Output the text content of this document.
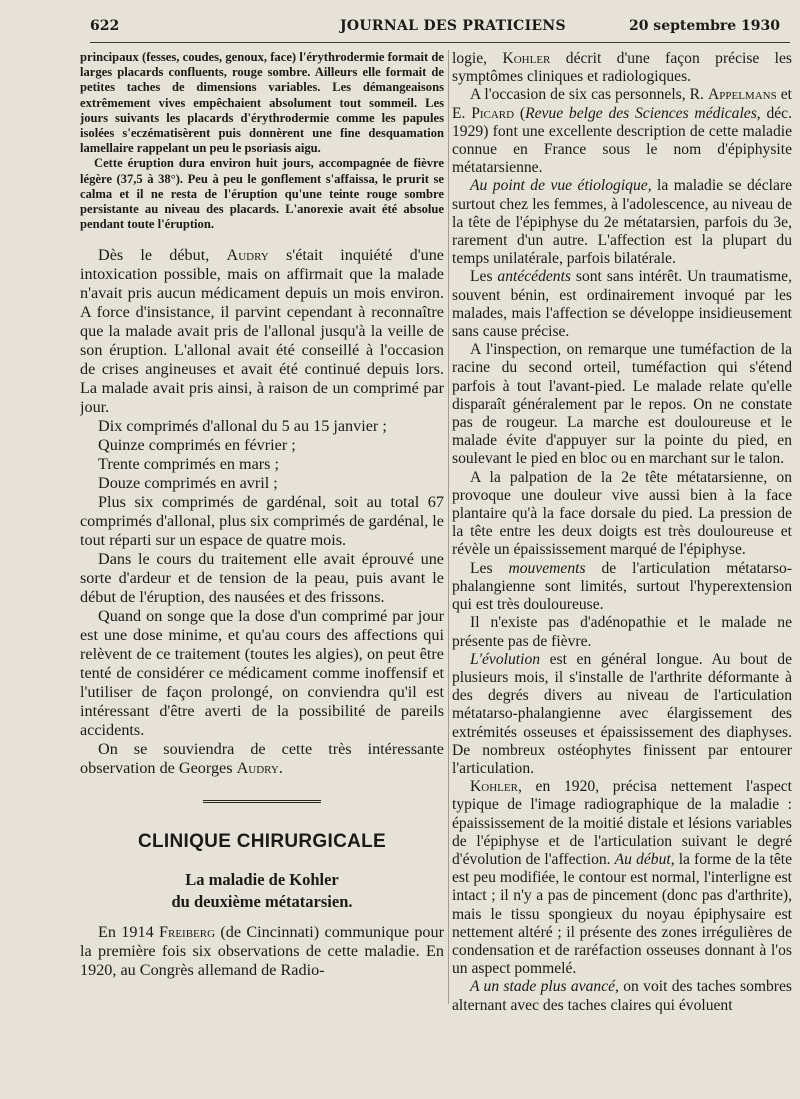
622	JOURNAL DES PRATICIENS	20 septembre 1930

principaux (fesses, coudes, genoux, face) l'érythrodermie formait de larges placards confluents, rouge sombre. Ailleurs elle formait de petites taches de dimensions variables. Les démangeaisons extrêmement vives empêchaient absolument tout sommeil. Les jours suivants les placards d'érythrodermie comme les papules isolées s'eczématisèrent puis donnèrent une fine desquamation lamellaire rappelant un peu le psoriasis aigu.

Cette éruption dura environ huit jours, accompagnée de fièvre légère (37,5 à 38°). Peu à peu le gonflement s'affaissa, le prurit se calma et il ne resta de l'éruption qu'une teinte rouge sombre persistante au niveau des placards. L'anorexie avait été absolue pendant toute l'éruption.

Dès le début, Audry s'était inquiété d'une intoxication possible, mais on affirmait que la malade n'avait pris aucun médicament depuis un mois environ. A force d'insistance, il parvint cependant à reconnaître que la malade avait pris de l'allonal jusqu'à la veille de son éruption. L'allonal avait été conseillé à l'occasion de crises angineuses et avait été continué depuis lors. La malade avait pris ainsi, à raison de un comprimé par jour.

Dix comprimés d'allonal du 5 au 15 janvier ;

Quinze comprimés en février ;

Trente comprimés en mars ;

Douze comprimés en avril ;

Plus six comprimés de gardénal, soit au total 67 comprimés d'allonal, plus six comprimés de gardénal, le tout réparti sur un espace de quatre mois.

Dans le cours du traitement elle avait éprouvé une sorte d'ardeur et de tension de la peau, puis avant le début de l'éruption, des nausées et des frissons.

Quand on songe que la dose d'un comprimé par jour est une dose minime, et qu'au cours des affections qui relèvent de ce traitement (toutes les algies), on peut être tenté de considérer ce médicament comme inoffensif et l'utiliser de façon prolongé, on conviendra qu'il est intéressant d'être averti de la possibilité de pareils accidents.

On se souviendra de cette très intéressante observation de Georges Audry.

CLINIQUE CHIRURGICALE
La maladie de Kohler
du deuxième métatarsien.

En 1914 Freiberg (de Cincinnati) communique pour la première fois six observations de cette maladie. En 1920, au Congrès allemand de Radio-

logie, Kohler décrit d'une façon précise les symptômes cliniques et radiologiques.

A l'occasion de six cas personnels, R. Appelmans et E. Picard (Revue belge des Sciences médicales, déc. 1929) font une excellente description de cette maladie connue en France sous le nom d'épiphysite métatarsienne.

Au point de vue étiologique, la maladie se déclare surtout chez les femmes, à l'adolescence, au niveau de la tête de l'épiphyse du 2e métatarsien, parfois du 3e, rarement d'un autre. L'affection est la plupart du temps unilatérale, parfois bilatérale.

Les antécédents sont sans intérêt. Un traumatisme, souvent bénin, est ordinairement invoqué par les malades, mais l'affection se développe insidieusement sans cause précise.

A l'inspection, on remarque une tuméfaction de la racine du second orteil, tuméfaction qui s'étend parfois à tout l'avant-pied. Le malade relate qu'elle disparaît généralement par le repos. On ne constate pas de rougeur. La marche est douloureuse et le malade évite d'appuyer sur la pointe du pied, en soulevant le pied en bloc ou en marchant sur le talon.

A la palpation de la 2e tête métatarsienne, on provoque une douleur vive aussi bien à la face plantaire qu'à la face dorsale du pied. La pression de la tête entre les deux doigts est très douloureuse et révèle un épaississement marqué de l'épiphyse.

Les mouvements de l'articulation métatarso-phalangienne sont limités, surtout l'hyperextension qui est très douloureuse.

Il n'existe pas d'adénopathie et le malade ne présente pas de fièvre.

L'évolution est en général longue. Au bout de plusieurs mois, il s'installe de l'arthrite déformante à des degrés divers au niveau de l'articulation métatarso-phalangienne avec élargissement des extrémités osseuses et épaississement des diaphyses. De nombreux ostéophytes finissent par entourer l'articulation.

Kohler, en 1920, précisa nettement l'aspect typique de l'image radiographique de la maladie : épaississement de la moitié distale et lésions variables de l'épiphyse et de l'articulation suivant le degré d'évolution de l'affection. Au début, la forme de la tête est peu modifiée, le contour est normal, l'interligne est intact ; il n'y a pas de pincement (donc pas d'arthrite), mais le tissu spongieux du noyau épiphysaire est nettement altéré ; il présente des zones irrégulières de condensation et de raréfaction osseuses donnant à l'os un aspect pommelé.

A un stade plus avancé, on voit des taches sombres alternant avec des taches claires qui évoluent
